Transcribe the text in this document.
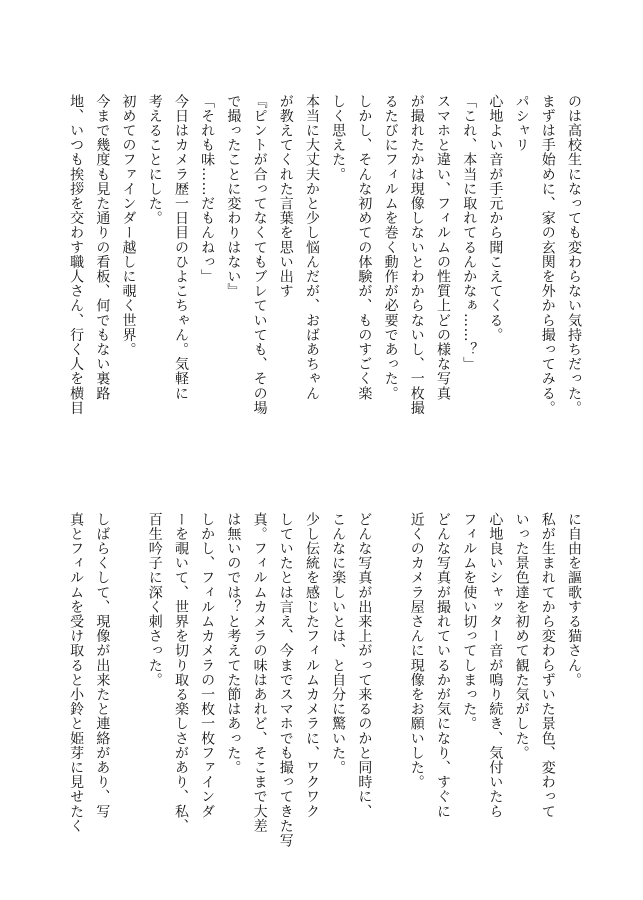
のは高校生になっても変わらない気持ちだった。
まずは手始めに、家の玄関を外から撮ってみる。
パシャリ
心地よい音が手元から聞こえてくる。
「これ、本当に取れてるんかなぁ……？」
スマホと違い、フィルムの性質上どの様な写真
が撮れたかは現像しないとわからないし、一枚撮
るたびにフィルムを巻く動作が必要であった。
しかし、そんな初めての体験が、ものすごく楽
しく思えた。
本当に大丈夫かと少し悩んだが、おばあちゃん
が教えてくれた言葉を思い出す
『ピントが合ってなくてもブレていても、その場
で撮ったことに変わりはない』
「それも味……だもんねっ」
今日はカメラ歴一日目のひよこちゃん。気軽に
考えることにした。
初めてのファインダー越しに覗く世界。
今まで幾度も見た通りの看板、何でもない裏路
地、いつも挨拶を交わす職人さん、行く人を横目
に自由を謳歌する猫さん。
私が生まれてから変わらずいた景色、変わって
いった景色達を初めて観た気がした。
心地良いシャッター音が鳴り続き、気付いたら
フィルムを使い切ってしまった。
どんな写真が撮れているかが気になり、すぐに
近くのカメラ屋さんに現像をお願いした。

どんな写真が出来上がって来るのかと同時に、
こんなに楽しいとは、と自分に驚いた。
少し伝統を感じたフィルムカメラに、ワクワク
していたとは言え、今までスマホでも撮ってきた写
真。フィルムカメラの味はあれど、そこまで大差
は無いのでは？と考えてた節はあった。
しかし、フィルムカメラの一枚一枚ファインダ
ーを覗いて、世界を切り取る楽しさがあり、私、
百生吟子に深く刺さった。

しばらくして、現像が出来たと連絡があり、写
真とフィルムを受け取ると小鈴と姫芽に見せたく
